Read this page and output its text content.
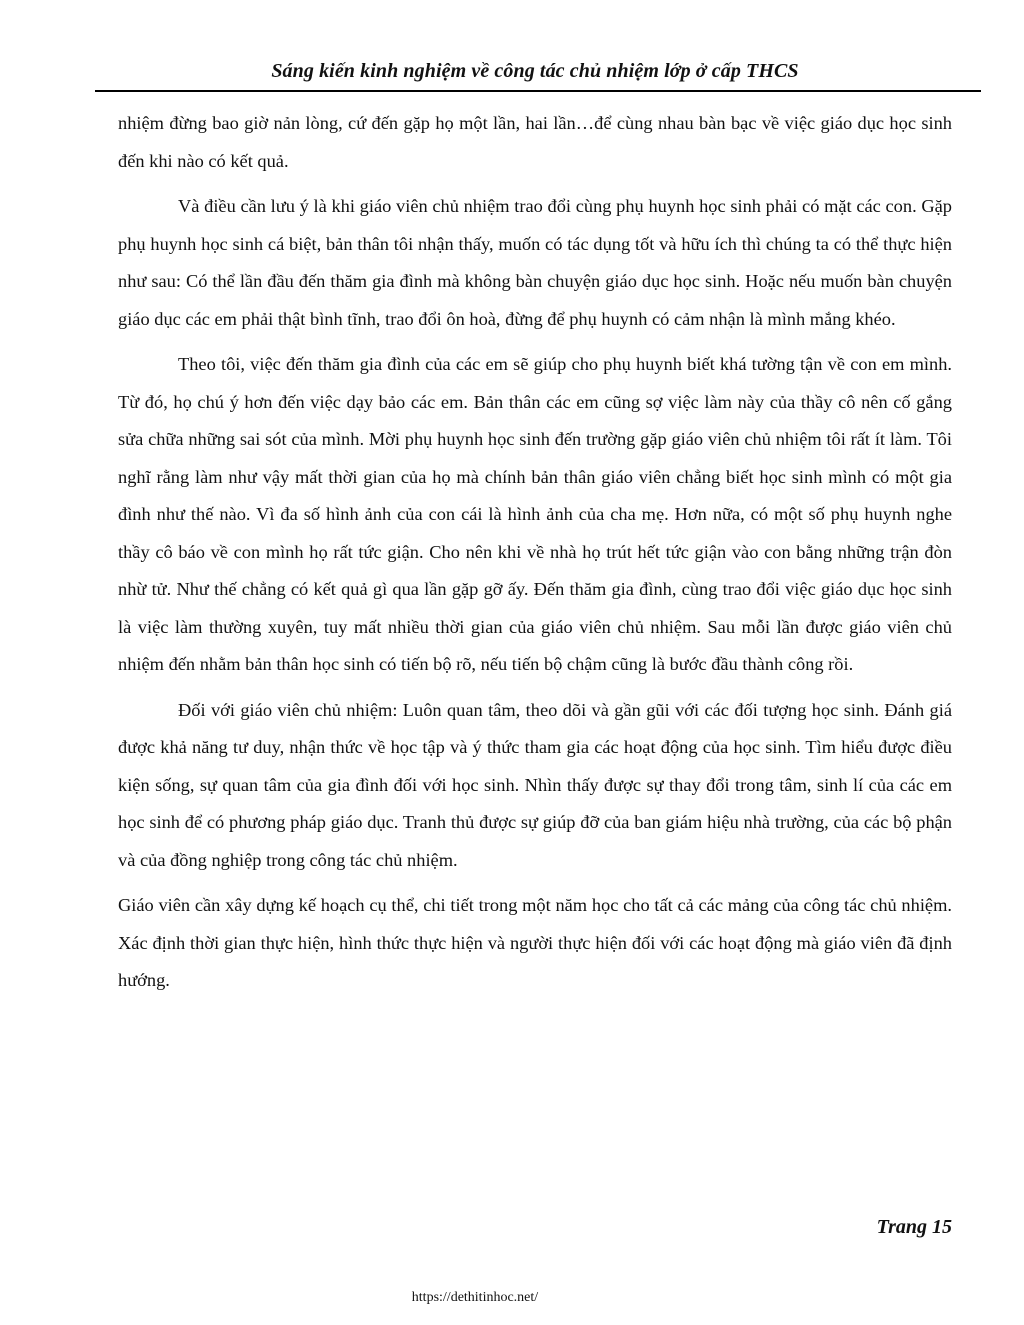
Sáng kiến kinh nghiệm về công tác chủ nhiệm lớp ở cấp THCS

nhiệm đừng bao giờ nản lòng, cứ đến gặp họ một lần, hai lần…để cùng nhau bàn bạc về việc giáo dục học sinh đến khi nào có kết quả.

Và điều cần lưu ý là khi giáo viên chủ nhiệm trao đổi cùng phụ huynh học sinh phải có mặt các con. Gặp phụ huynh học sinh cá biệt, bản thân tôi nhận thấy, muốn có tác dụng tốt và hữu ích thì chúng ta có thể thực hiện như sau: Có thể lần đầu đến thăm gia đình mà không bàn chuyện giáo dục học sinh. Hoặc nếu muốn bàn chuyện giáo dục các em phải thật bình tĩnh, trao đổi ôn hoà, đừng để phụ huynh có cảm nhận là mình mắng khéo.

Theo tôi, việc đến thăm gia đình của các em sẽ giúp cho phụ huynh biết khá tường tận về con em mình. Từ đó, họ chú ý hơn đến việc dạy bảo các em. Bản thân các em cũng sợ việc làm này của thầy cô nên cố gắng sửa chữa những sai sót của mình. Mời phụ huynh học sinh đến trường gặp giáo viên chủ nhiệm tôi rất ít làm. Tôi nghĩ rằng làm như vậy mất thời gian của họ mà chính bản thân giáo viên chẳng biết học sinh mình có một gia đình như thế nào. Vì đa số hình ảnh của con cái là hình ảnh của cha mẹ. Hơn nữa, có một số phụ huynh nghe thầy cô báo về con mình họ rất tức giận. Cho nên khi về nhà họ trút hết tức giận vào con bằng những trận đòn nhừ tử. Như thế chẳng có kết quả gì qua lần gặp gỡ ấy. Đến thăm gia đình, cùng trao đổi việc giáo dục học sinh là việc làm thường xuyên, tuy mất nhiều thời gian của giáo viên chủ nhiệm. Sau mỗi lần được giáo viên chủ nhiệm đến nhằm bản thân học sinh có tiến bộ rõ, nếu tiến bộ chậm cũng là bước đầu thành công rồi.

Đối với giáo viên chủ nhiệm: Luôn quan tâm, theo dõi và gần gũi với các đối tượng học sinh. Đánh giá được khả năng tư duy, nhận thức về học tập và ý thức tham gia các hoạt động của học sinh. Tìm hiểu được điều kiện sống, sự quan tâm của gia đình đối với học sinh. Nhìn thấy được sự thay đổi trong tâm, sinh lí của các em học sinh để có phương pháp giáo dục. Tranh thủ được sự giúp đỡ của ban giám hiệu nhà trường, của các bộ phận và của đồng nghiệp trong công tác chủ nhiệm.

Giáo viên cần xây dựng kế hoạch cụ thể, chi tiết trong một năm học cho tất cả các mảng của công tác chủ nhiệm. Xác định thời gian thực hiện, hình thức thực hiện và người thực hiện đối với các hoạt động mà giáo viên đã định hướng.

Trang 15
https://dethitinhoc.net/
